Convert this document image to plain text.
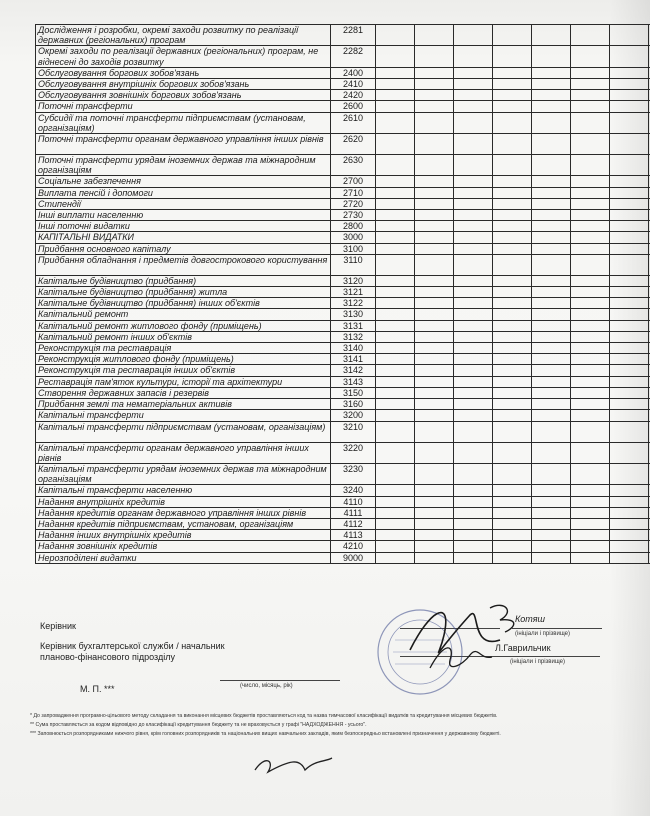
Дослідження і розробки, окремі заходи розвитку по реалізації державних (регіональних) програм	2281								
Окремі заходи по реалізації державних (регіональних) програм, не віднесені до заходів розвитку	2282								
Обслуговування боргових зобов'язань	2400								
Обслуговування внутрішніх боргових зобов'язань	2410								
Обслуговування зовнішніх боргових зобов'язань	2420								
Поточні трансферти	2600								
Субсидії та поточні трансферти підприємствам (установам, організаціям)	2610								
Поточні трансферти органам державного управління інших рівнів	2620								
Поточні трансферти урядам іноземних держав та міжнародним організаціям	2630								
Соціальне забезпечення	2700								
Виплата пенсій і допомоги	2710								
Стипендії	2720								
Інші виплати населенню	2730								
Інші поточні видатки	2800								
КАПІТАЛЬНІ ВИДАТКИ	3000								
Придбання основного капіталу	3100								
Придбання обладнання і предметів довгострокового користування	3110								
Капітальне будівництво (придбання)	3120								
Капітальне будівництво (придбання) житла	3121								
Капітальне будівництво (придбання) інших об'єктів	3122								
Капітальний ремонт	3130								
Капітальний ремонт житлового фонду (приміщень)	3131								
Капітальний ремонт інших об'єктів	3132								
Реконструкція та реставрація	3140								
Реконструкція житлового фонду (приміщень)	3141								
Реконструкція та реставрація інших об'єктів	3142								
Реставрація пам'яток культури, історії та архітектури	3143								
Створення державних запасів і резервів	3150								
Придбання землі та нематеріальних активів	3160								
Капітальні трансферти	3200								
Капітальні трансферти підприємствам (установам, організаціям)	3210								
Капітальні трансферти органам державного управління інших рівнів	3220								
Капітальні трансферти урядам іноземних держав та міжнародним організаціям	3230								
Капітальні трансферти населенню	3240								
Надання внутрішніх кредитів	4110								
Надання кредитів органам державного управління інших рівнів	4111								
Надання кредитів підприємствам, установам, організаціям	4112								
Надання інших внутрішніх кредитів	4113								
Надання зовнішніх кредитів	4210								
Нерозподілені видатки	9000								
Керівник
Котяш
(ініціали і прізвище)
Керівник бухгалтерської служби / начальник
планово-фінансового підрозділу
Л.Гаврильчик
(ініціали і прізвище)
(число, місяць, рік)
М. П. ***
* До запровадження програмно-цільового методу складання та виконання місцевих бюджетів проставляються код та назва тимчасової класифікації видатків та кредитування місцевих бюджетів.
** Сума проставляється за кодом відповідно до класифікації кредитування бюджету та не враховується у графі "НАДХОДЖЕННЯ - усього".
*** Заповнюється розпорядниками нижчого рівня, крім головних розпорядників та національних вищих навчальних закладів, яким безпосередньо встановлені призначення у державному бюджеті.
